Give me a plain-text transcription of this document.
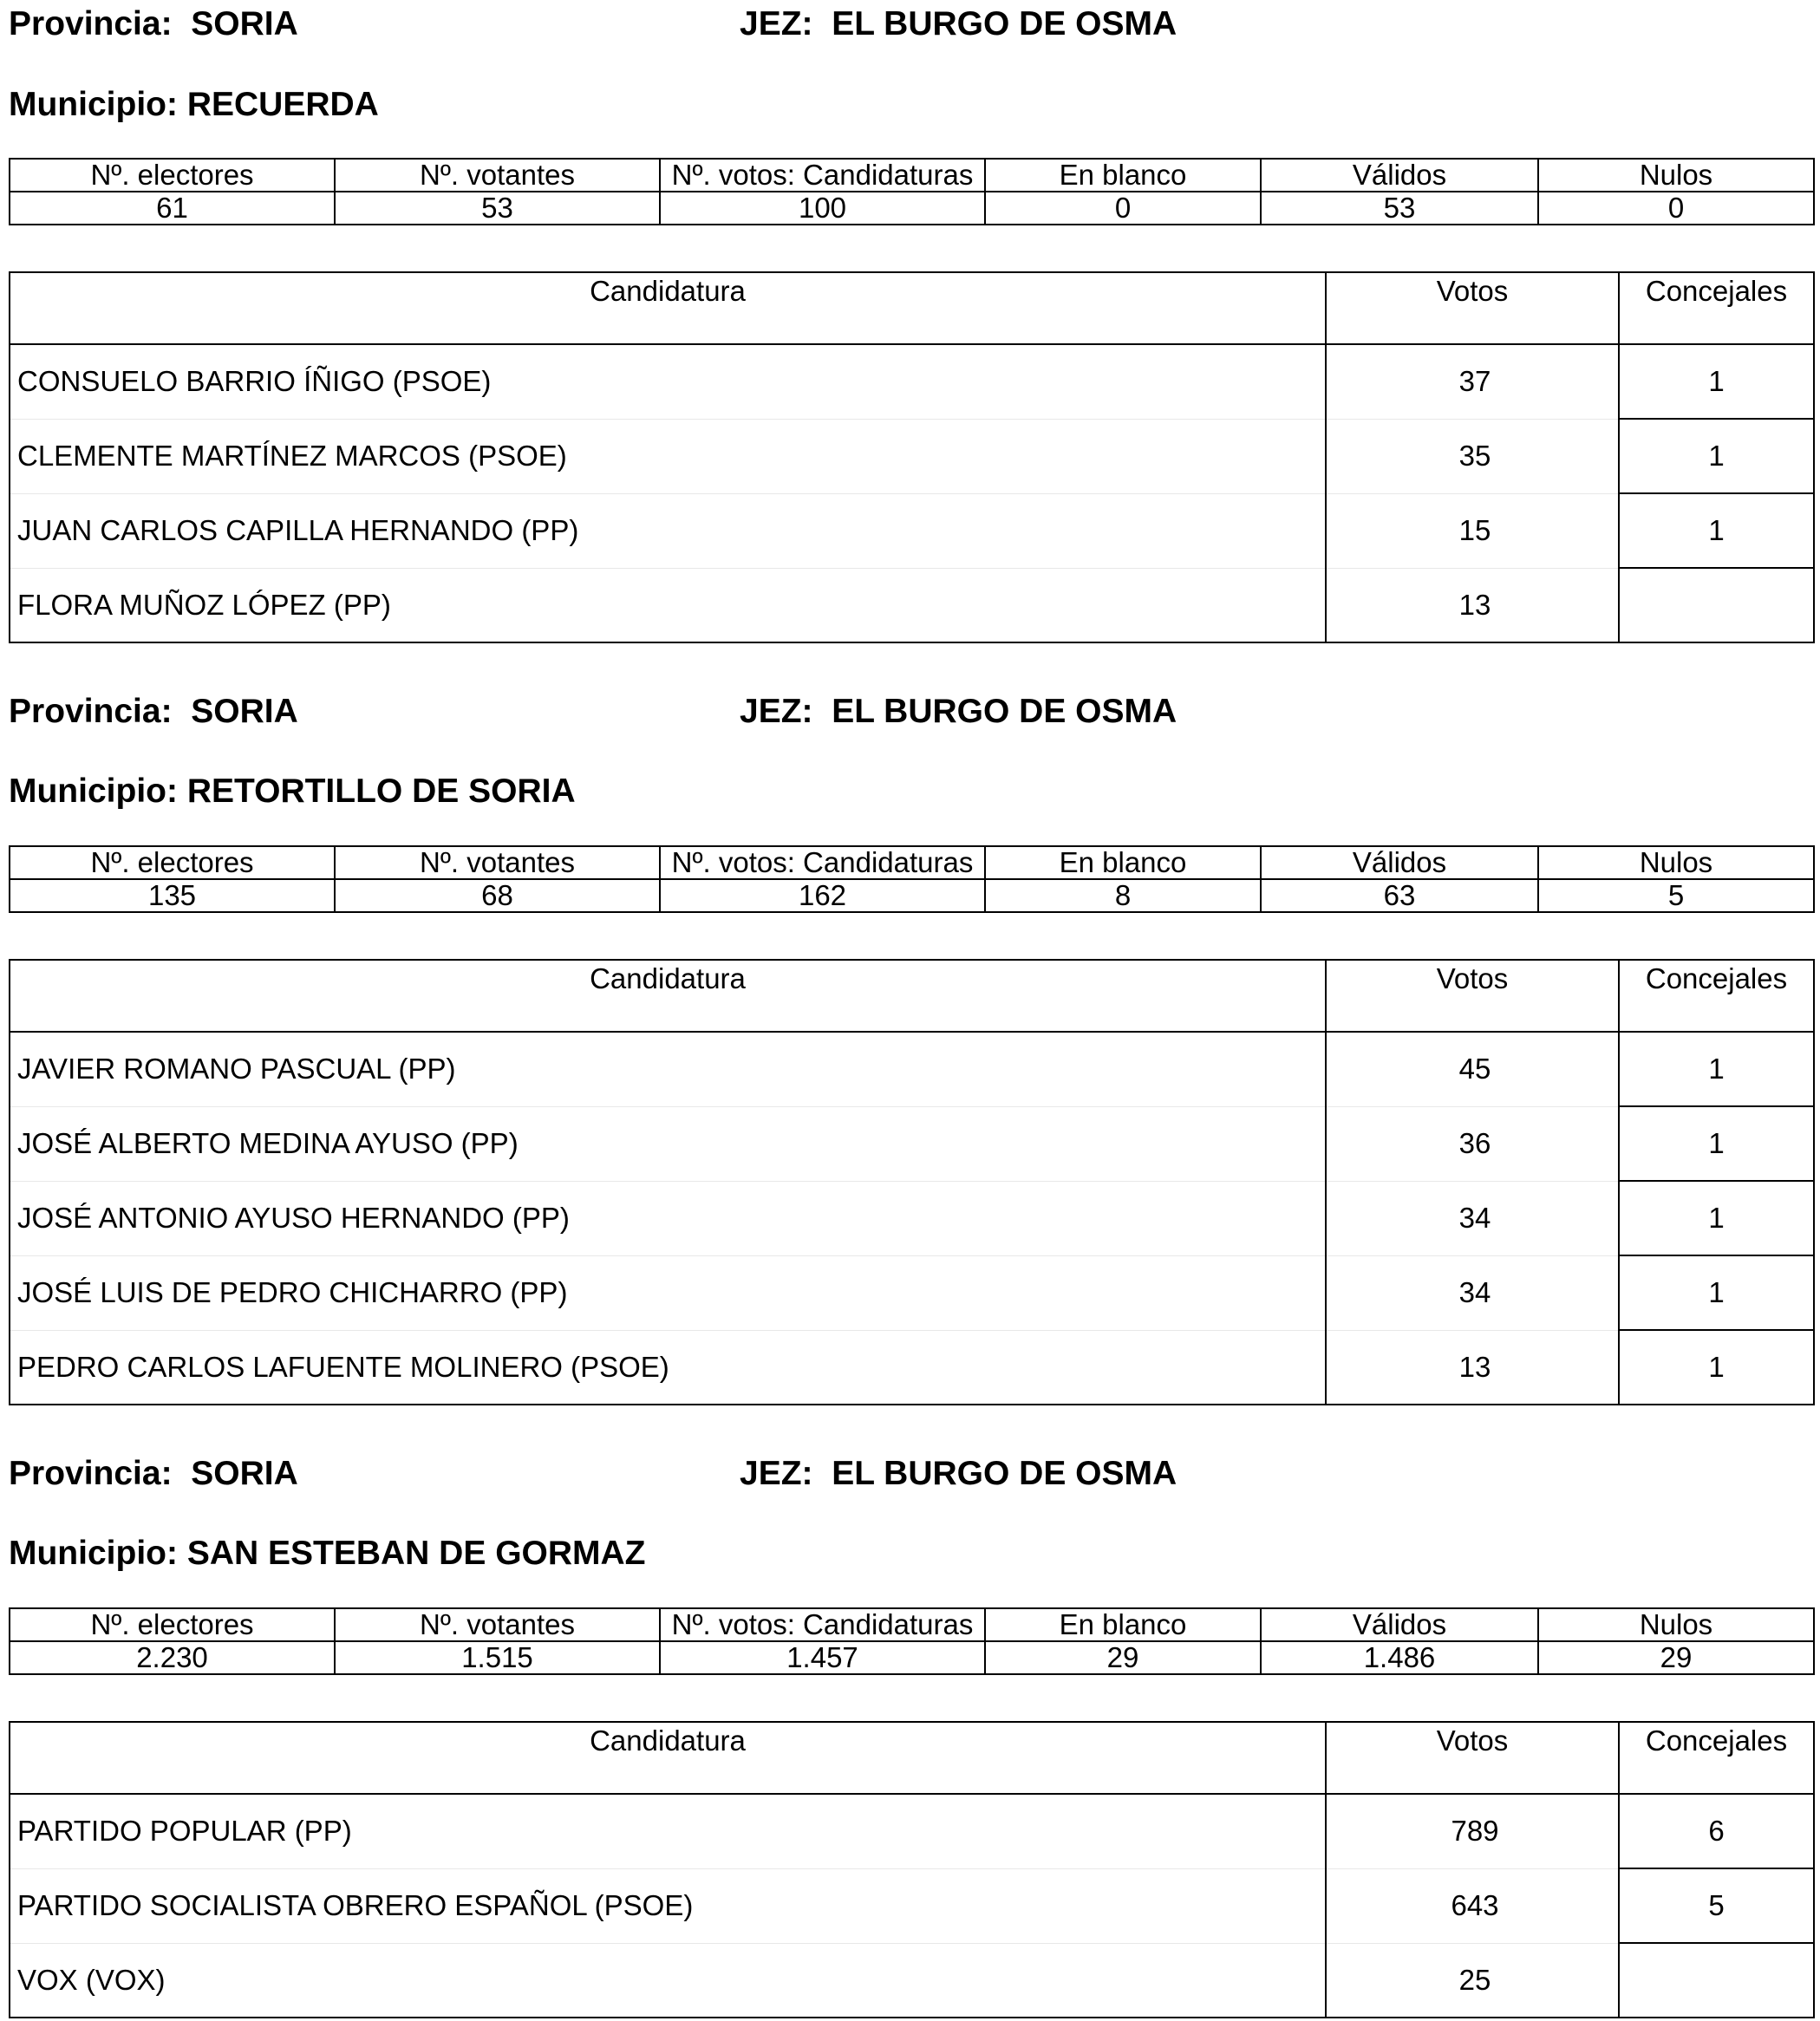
Provincia: SORIA	JEZ: EL BURGO DE OSMA

Municipio: RECUERDA

Nº. electores	Nº. votantes	Nº. votos: Candidaturas	En blanco	Válidos	Nulos
61	53	100	0	53	0
Candidatura	Votos	Concejales
CONSUELO BARRIO ÍÑIGO (PSOE)	37	1
CLEMENTE MARTÍNEZ MARCOS (PSOE)	35	1
JUAN CARLOS CAPILLA HERNANDO (PP)	15	1
FLORA MUÑOZ LÓPEZ (PP)	13	

Provincia: SORIA	JEZ: EL BURGO DE OSMA

Municipio: RETORTILLO DE SORIA

Nº. electores	Nº. votantes	Nº. votos: Candidaturas	En blanco	Válidos	Nulos
135	68	162	8	63	5
Candidatura	Votos	Concejales
JAVIER ROMANO PASCUAL (PP)	45	1
JOSÉ ALBERTO MEDINA AYUSO (PP)	36	1
JOSÉ ANTONIO AYUSO HERNANDO (PP)	34	1
JOSÉ LUIS DE PEDRO CHICHARRO (PP)	34	1
PEDRO CARLOS LAFUENTE MOLINERO (PSOE)	13	1

Provincia: SORIA	JEZ: EL BURGO DE OSMA

Municipio: SAN ESTEBAN DE GORMAZ

Nº. electores	Nº. votantes	Nº. votos: Candidaturas	En blanco	Válidos	Nulos
2.230	1.515	1.457	29	1.486	29
Candidatura	Votos	Concejales
PARTIDO POPULAR (PP)	789	6
PARTIDO SOCIALISTA OBRERO ESPAÑOL (PSOE)	643	5
VOX (VOX)	25	
